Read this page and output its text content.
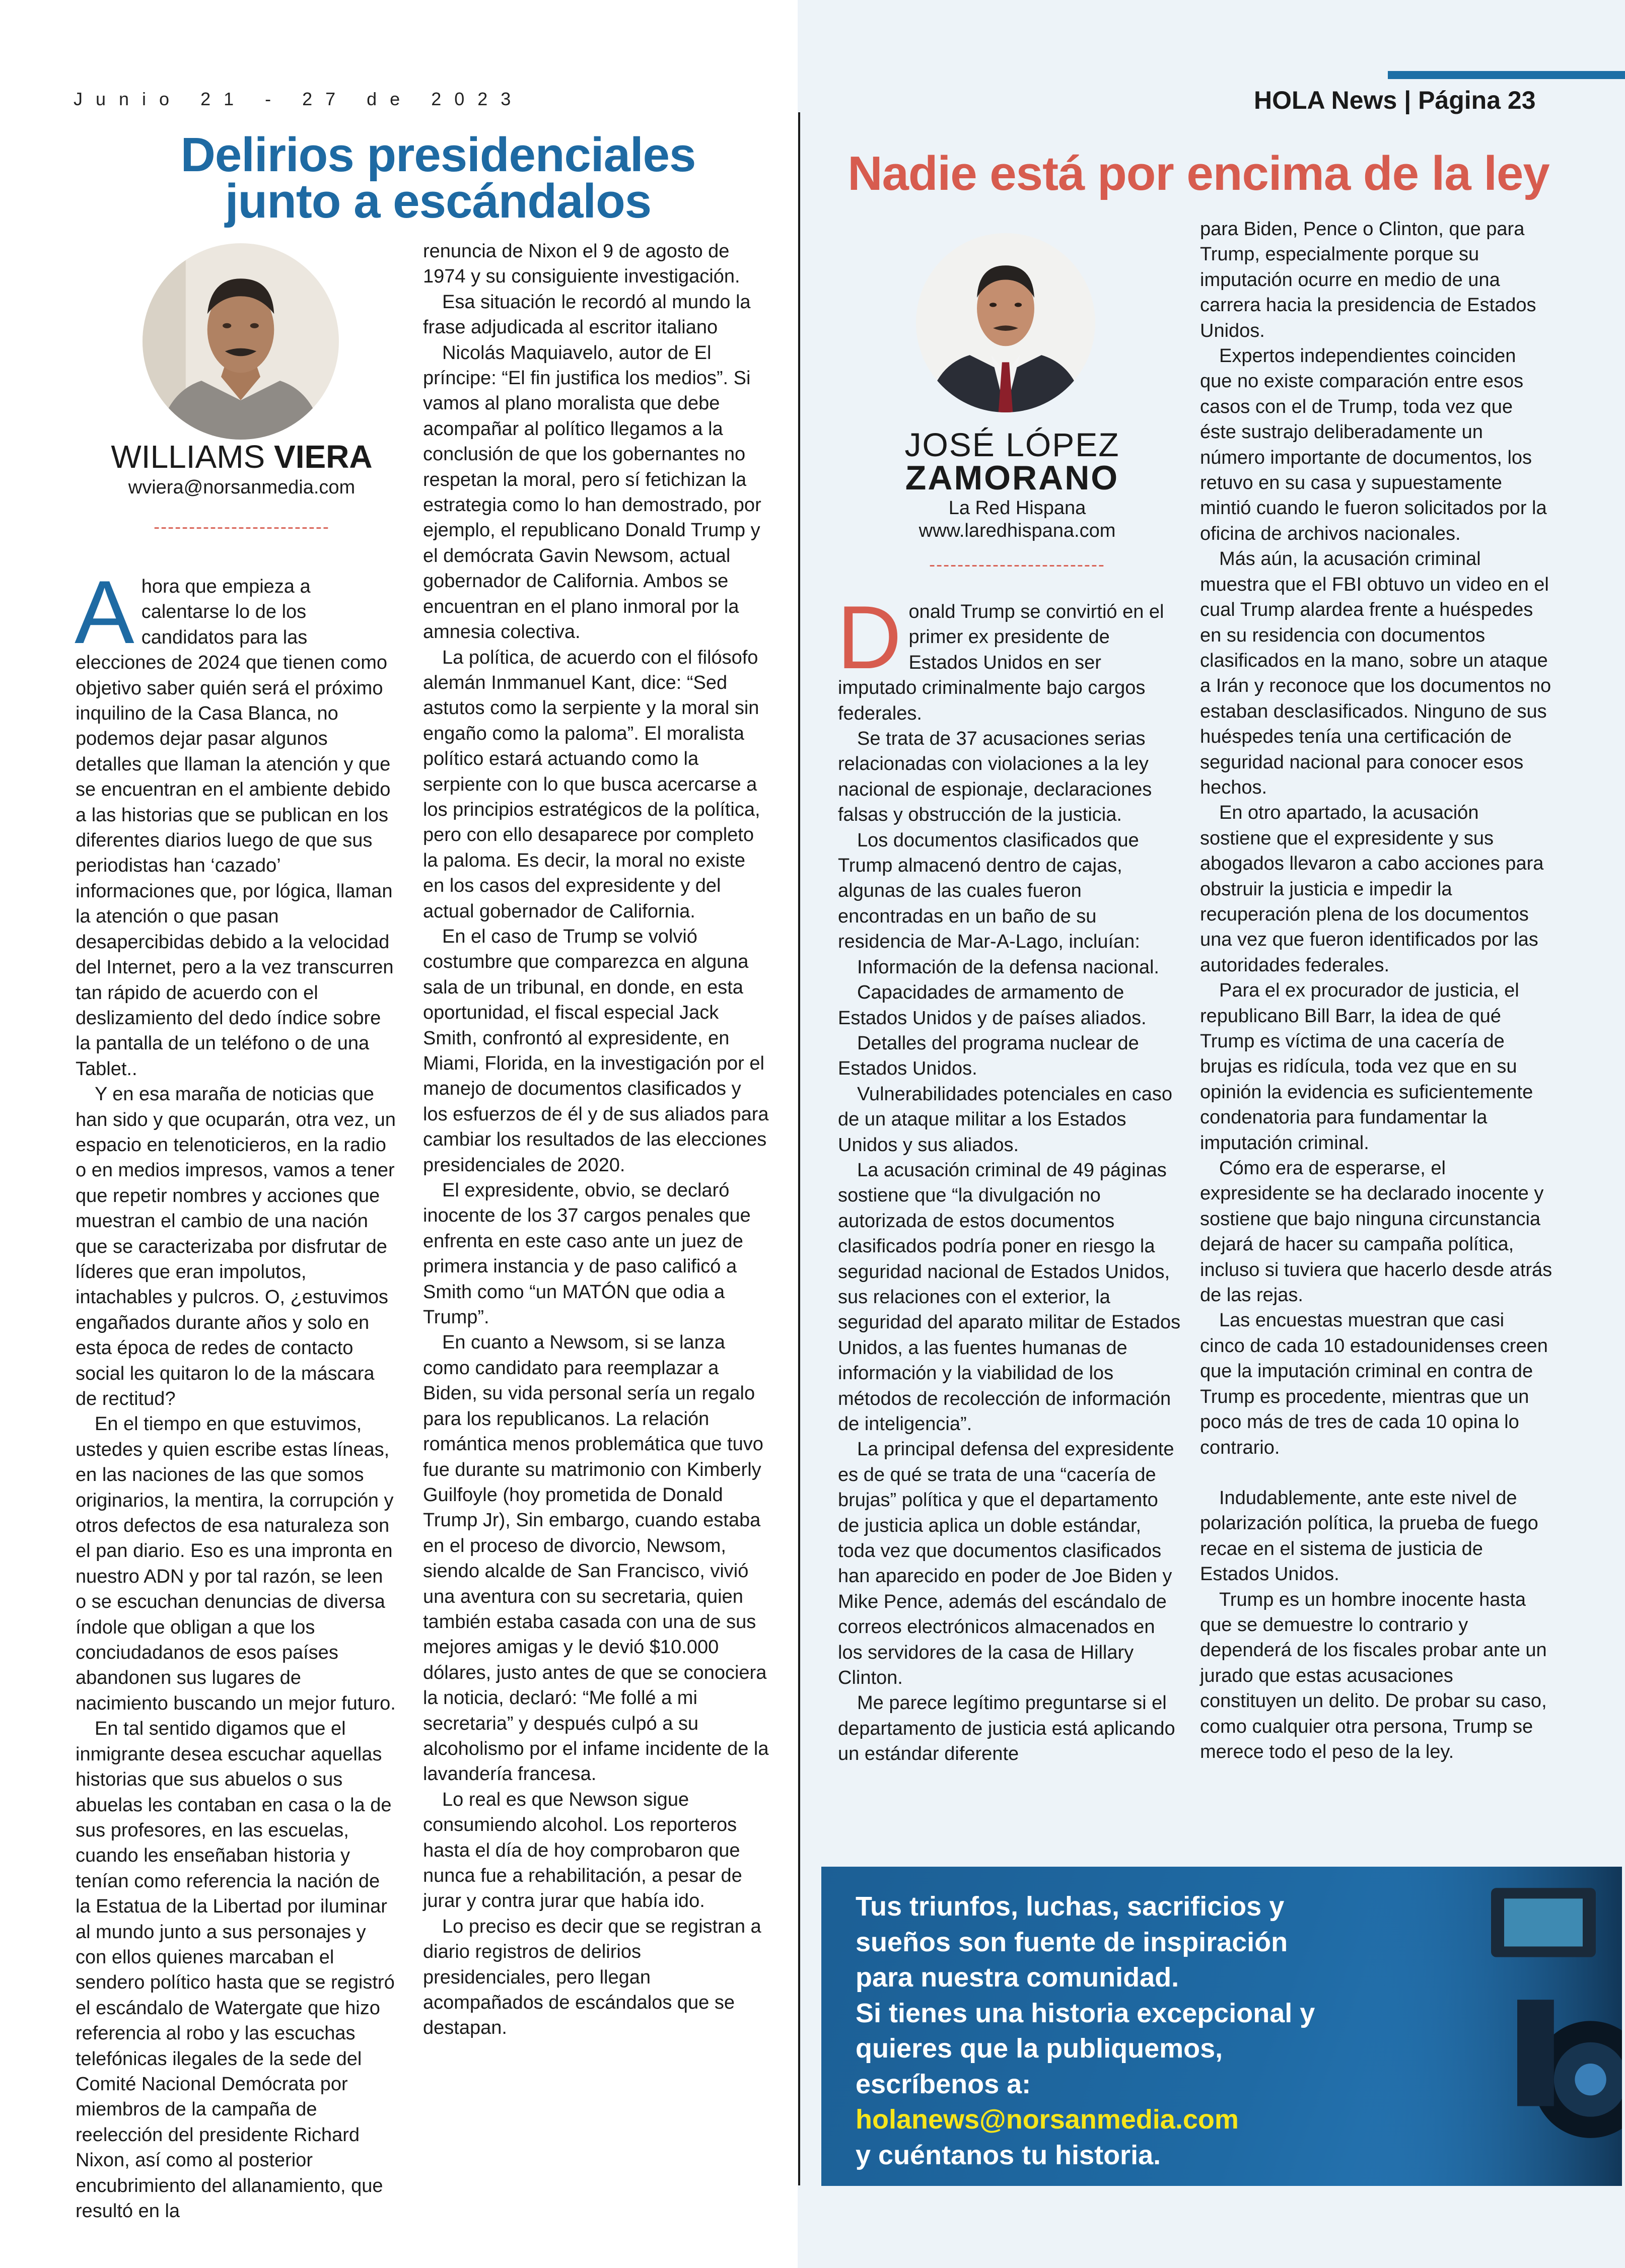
Junio 21 - 27 de 2023	HOLA News | Página 23
Delirios presidenciales
junto a escándalos
WILLIAMS VIERA
wviera@norsanmedia.com
-------------------------

Ahora que empieza a calentarse lo de los candidatos para las elecciones de 2024 que tienen como objetivo saber quién será el próximo inquilino de la Casa Blanca, no podemos dejar pasar algunos detalles que llaman la atención y que se encuentran en el ambiente debido a las historias que se publican en los diferentes diarios luego de que sus periodistas han ‘cazado’ informaciones que, por lógica, llaman la atención o que pasan desapercibidas debido a la velocidad del Internet, pero a la vez transcurren tan rápido de acuerdo con el deslizamiento del dedo índice sobre la pantalla de un teléfono o de una Tablet..

Y en esa maraña de noticias que han sido y que ocuparán, otra vez, un espacio en telenoticieros, en la radio o en medios impresos, vamos a tener que repetir nombres y acciones que muestran el cambio de una nación que se caracterizaba por disfrutar de líderes que eran impolutos, intachables y pulcros. O, ¿estuvimos engañados durante años y solo en esta época de redes de contacto social les quitaron lo de la máscara de rectitud?

En el tiempo en que estuvimos, ustedes y quien escribe estas líneas, en las naciones de las que somos originarios, la mentira, la corrupción y otros defectos de esa naturaleza son el pan diario. Eso es una impronta en nuestro ADN y por tal razón, se leen o se escuchan denuncias de diversa índole que obligan a que los conciudadanos de esos países abandonen sus lugares de nacimiento buscando un mejor futuro.

En tal sentido digamos que el inmigrante desea escuchar aquellas historias que sus abuelos o sus abuelas les contaban en casa o la de sus profesores, en las escuelas, cuando les enseñaban historia y tenían como referencia la nación de la Estatua de la Libertad por iluminar al mundo junto a sus personajes y con ellos quienes marcaban el sendero político hasta que se registró el escándalo de Watergate que hizo referencia al robo y las escuchas telefónicas ilegales de la sede del Comité Nacional Demócrata por miembros de la campaña de reelección del presidente Richard Nixon, así como al posterior encubrimiento del allanamiento, que resultó en la

renuncia de Nixon el 9 de agosto de 1974 y su consiguiente investigación.

Esa situación le recordó al mundo la frase adjudicada al escritor italiano

Nicolás Maquiavelo, autor de El príncipe: “El fin justifica los medios”. Si vamos al plano moralista que debe acompañar al político llegamos a la conclusión de que los gobernantes no respetan la moral, pero sí fetichizan la estrategia como lo han demostrado, por ejemplo, el republicano Donald Trump y el demócrata Gavin Newsom, actual gobernador de California. Ambos se encuentran en el plano inmoral por la amnesia colectiva.

La política, de acuerdo con el filósofo alemán Inmmanuel Kant, dice: “Sed astutos como la serpiente y la moral sin engaño como la paloma”. El moralista político estará actuando como la serpiente con lo que busca acercarse a los principios estratégicos de la política, pero con ello desaparece por completo la paloma. Es decir, la moral no existe en los casos del expresidente y del actual gobernador de California.

En el caso de Trump se volvió costumbre que comparezca en alguna sala de un tribunal, en donde, en esta oportunidad, el fiscal especial Jack Smith, confrontó al expresidente, en Miami, Florida, en la investigación por el manejo de documentos clasificados y los esfuerzos de él y de sus aliados para cambiar los resultados de las elecciones presidenciales de 2020.

El expresidente, obvio, se declaró inocente de los 37 cargos penales que enfrenta en este caso ante un juez de primera instancia y de paso calificó a Smith como “un MATÓN que odia a Trump”.

En cuanto a Newsom, si se lanza como candidato para reemplazar a Biden, su vida personal sería un regalo para los republicanos. La relación romántica menos problemática que tuvo fue durante su matrimonio con Kimberly Guilfoyle (hoy prometida de Donald Trump Jr), Sin embargo, cuando estaba en el proceso de divorcio, Newsom, siendo alcalde de San Francisco, vivió una aventura con su secretaria, quien también estaba casada con una de sus mejores amigas y le devió $10.000 dólares, justo antes de que se conociera la noticia, declaró: “Me follé a mi secretaria” y después culpó a su alcoholismo por el infame incidente de la lavandería francesa.

Lo real es que Newson sigue consumiendo alcohol. Los reporteros hasta el día de hoy comprobaron que nunca fue a rehabilitación, a pesar de jurar y contra jurar que había ido.

Lo preciso es decir que se registran a diario registros de delirios presidenciales, pero llegan acompañados de escándalos que se destapan.

Nadie está por encima de la ley
JOSÉ LÓPEZ
ZAMORANO
La Red Hispana
www.laredhispana.com
-------------------------

Donald Trump se convirtió en el primer ex presidente de Estados Unidos en ser imputado criminalmente bajo cargos federales.

Se trata de 37 acusaciones serias relacionadas con violaciones a la ley nacional de espionaje, declaraciones falsas y obstrucción de la justicia.

Los documentos clasificados que Trump almacenó dentro de cajas, algunas de las cuales fueron encontradas en un baño de su residencia de Mar-A-Lago, incluían:

Información de la defensa nacional.

Capacidades de armamento de Estados Unidos y de países aliados.

Detalles del programa nuclear de Estados Unidos.

Vulnerabilidades potenciales en caso de un ataque militar a los Estados Unidos y sus aliados.

La acusación criminal de 49 páginas sostiene que “la divulgación no autorizada de estos documentos clasificados podría poner en riesgo la seguridad nacional de Estados Unidos, sus relaciones con el exterior, la seguridad del aparato militar de Estados Unidos, a las fuentes humanas de información y la viabilidad de los métodos de recolección de información de inteligencia”.

La principal defensa del expresidente es de qué se trata de una “cacería de brujas” política y que el departamento de justicia aplica un doble estándar, toda vez que documentos clasificados han aparecido en poder de Joe Biden y Mike Pence, además del escándalo de correos electrónicos almacenados en los servidores de la casa de Hillary Clinton.

Me parece legítimo preguntarse si el departamento de justicia está aplicando un estándar diferente

para Biden, Pence o Clinton, que para Trump, especialmente porque su imputación ocurre en medio de una carrera hacia la presidencia de Estados Unidos.

Expertos independientes coinciden que no existe comparación entre esos casos con el de Trump, toda vez que éste sustrajo deliberadamente un número importante de documentos, los retuvo en su casa y supuestamente mintió cuando le fueron solicitados por la oficina de archivos nacionales.

Más aún, la acusación criminal muestra que el FBI obtuvo un video en el cual Trump alardea frente a huéspedes en su residencia con documentos clasificados en la mano, sobre un ataque a Irán y reconoce que los documentos no estaban desclasificados. Ninguno de sus huéspedes tenía una certificación de seguridad nacional para conocer esos hechos.

En otro apartado, la acusación sostiene que el expresidente y sus abogados llevaron a cabo acciones para obstruir la justicia e impedir la recuperación plena de los documentos una vez que fueron identificados por las autoridades federales.

Para el ex procurador de justicia, el republicano Bill Barr, la idea de qué Trump es víctima de una cacería de brujas es ridícula, toda vez que en su opinión la evidencia es suficientemente condenatoria para fundamentar la imputación criminal.

Cómo era de esperarse, el expresidente se ha declarado inocente y sostiene que bajo ninguna circunstancia dejará de hacer su campaña política, incluso si tuviera que hacerlo desde atrás de las rejas.

Las encuestas muestran que casi cinco de cada 10 estadounidenses creen que la imputación criminal en contra de Trump es procedente, mientras que un poco más de tres de cada 10 opina lo contrario.

Indudablemente, ante este nivel de polarización política, la prueba de fuego recae en el sistema de justicia de Estados Unidos.

Trump es un hombre inocente hasta que se demuestre lo contrario y dependerá de los fiscales probar ante un jurado que estas acusaciones constituyen un delito. De probar su caso, como cualquier otra persona, Trump se merece todo el peso de la ley.

Tus triunfos, luchas, sacrificios y
sueños son fuente de inspiración
para nuestra comunidad.
Si tienes una historia excepcional y
quieres que la publiquemos,
escríbenos a:
holanews@norsanmedia.com
y cuéntanos tu historia.
